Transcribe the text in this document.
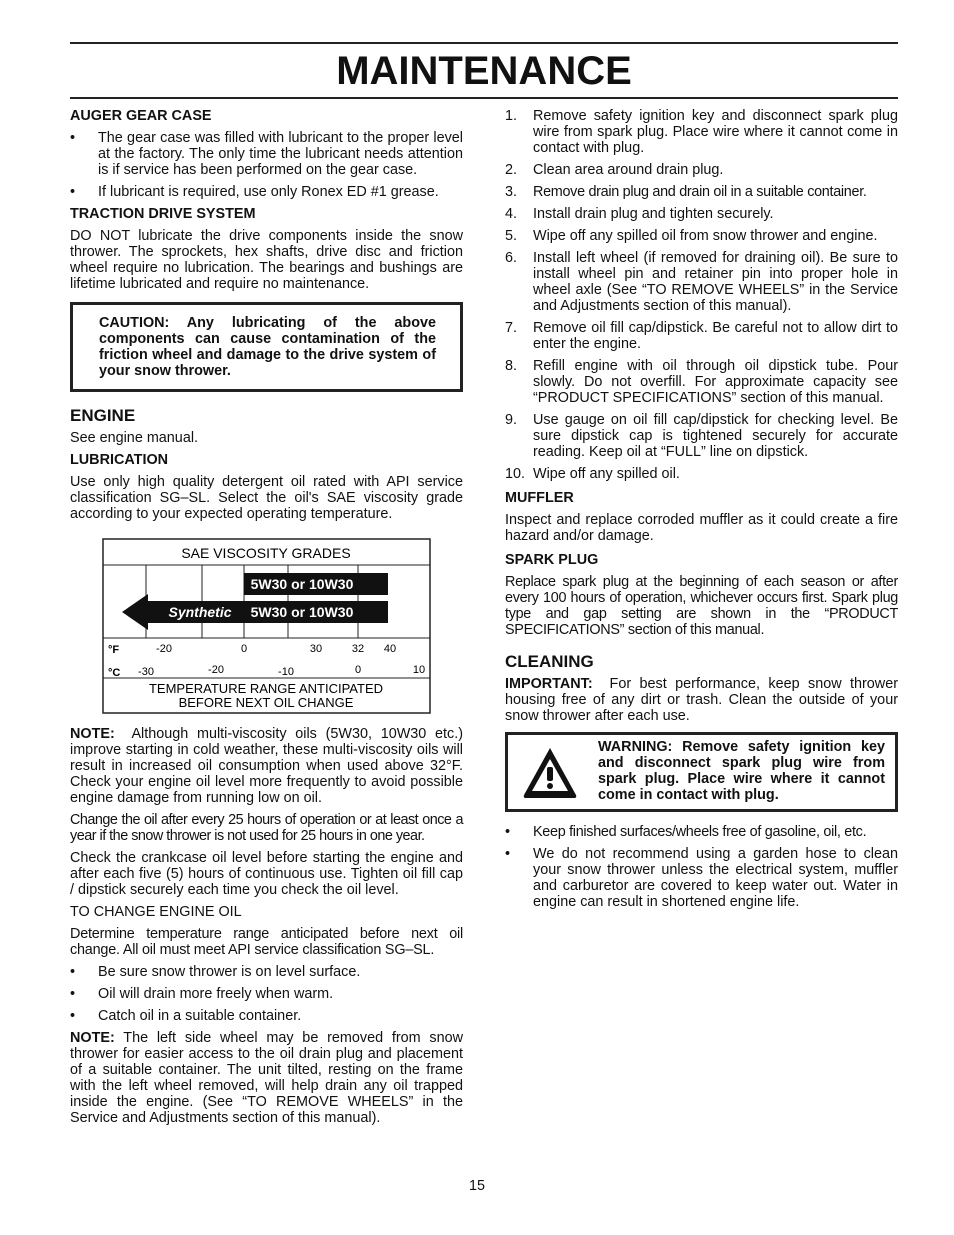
MAINTENANCE
AUGER GEAR CASE
• The gear case was filled with lubricant to the proper level at the factory. The only time the lubricant needs attention is if service has been performed on the gear case.
• If lubricant is required, use only Ronex ED #1 grease.
TRACTION DRIVE SYSTEM

DO NOT lubricate the drive components inside the snow thrower. The sprockets, hex shafts, drive disc and friction wheel require no lubrication. The bearings and bushings are lifetime lubricated and require no maintenance.

CAUTION: Any lubricating of the above components can cause contamination of the friction wheel and damage to the drive system of your snow thrower.

ENGINE

See engine manual.

LUBRICATION

Use only high quality detergent oil rated with API service classification SG–SL. Select the oil's SAE viscosity grade according to your expected operating temperature.

SAE VISCOSITY GRADES
5W30 or 10W30
Synthetic 5W30 or 10W30
°F	-20	0	30	32 40
°C -30	-20	-10	0	10
TEMPERATURE RANGE ANTICIPATED
BEFORE NEXT OIL CHANGE

NOTE: Although multi-viscosity oils (5W30, 10W30 etc.) improve starting in cold weather, these multi-viscosity oils will result in increased oil consumption when used above 32°F. Check your engine oil level more frequently to avoid possible engine damage from running low on oil.

Change the oil after every 25 hours of operation or at least once a year if the snow thrower is not used for 25 hours in one year.

Check the crankcase oil level before starting the engine and after each five (5) hours of continuous use. Tighten oil fill cap / dipstick securely each time you check the oil level.

TO CHANGE ENGINE OIL

Determine temperature range anticipated before next oil change. All oil must meet API service classification SG–SL.

• Be sure snow thrower is on level surface.
• Oil will drain more freely when warm.
• Catch oil in a suitable container.

NOTE: The left side wheel may be removed from snow thrower for easier access to the oil drain plug and placement of a suitable container. The unit tilted, resting on the frame with the left wheel removed, will help drain any oil trapped inside the engine. (See “TO REMOVE WHEELS” in the Service and Adjustments section of this manual).

1. Remove safety ignition key and disconnect spark plug wire from spark plug. Place wire where it cannot come in contact with plug.
2. Clean area around drain plug.
3. Remove drain plug and drain oil in a suitable container.
4. Install drain plug and tighten securely.
5. Wipe off any spilled oil from snow thrower and engine.
6. Install left wheel (if removed for draining oil). Be sure to install wheel pin and retainer pin into proper hole in wheel axle (See “TO REMOVE WHEELS” in the Service and Adjustments section of this manual).
7. Remove oil fill cap/dipstick. Be careful not to allow dirt to enter the engine.
8. Refill engine with oil through oil dipstick tube. Pour slowly. Do not overfill. For approximate capacity see “PRODUCT SPECIFICATIONS” section of this manual.
9. Use gauge on oil fill cap/dipstick for checking level. Be sure dipstick cap is tightened securely for accurate reading. Keep oil at “FULL” line on dipstick.
10. Wipe off any spilled oil.
MUFFLER

Inspect and replace corroded muffler as it could create a fire hazard and/or damage.

SPARK PLUG

Replace spark plug at the beginning of each season or after every 100 hours of operation, whichever occurs first. Spark plug type and gap setting are shown in the “PRODUCT SPECIFICATIONS” section of this manual.

CLEANING

IMPORTANT: For best performance, keep snow thrower housing free of any dirt or trash. Clean the outside of your snow thrower after each use.

WARNING: Remove safety ignition key and disconnect spark plug wire from spark plug. Place wire where it cannot come in contact with plug.

• Keep finished surfaces/wheels free of gasoline, oil, etc.
• We do not recommend using a garden hose to clean your snow thrower unless the electrical system, muffler and carburetor are covered to keep water out. Water in engine can result in shortened engine life.
15
